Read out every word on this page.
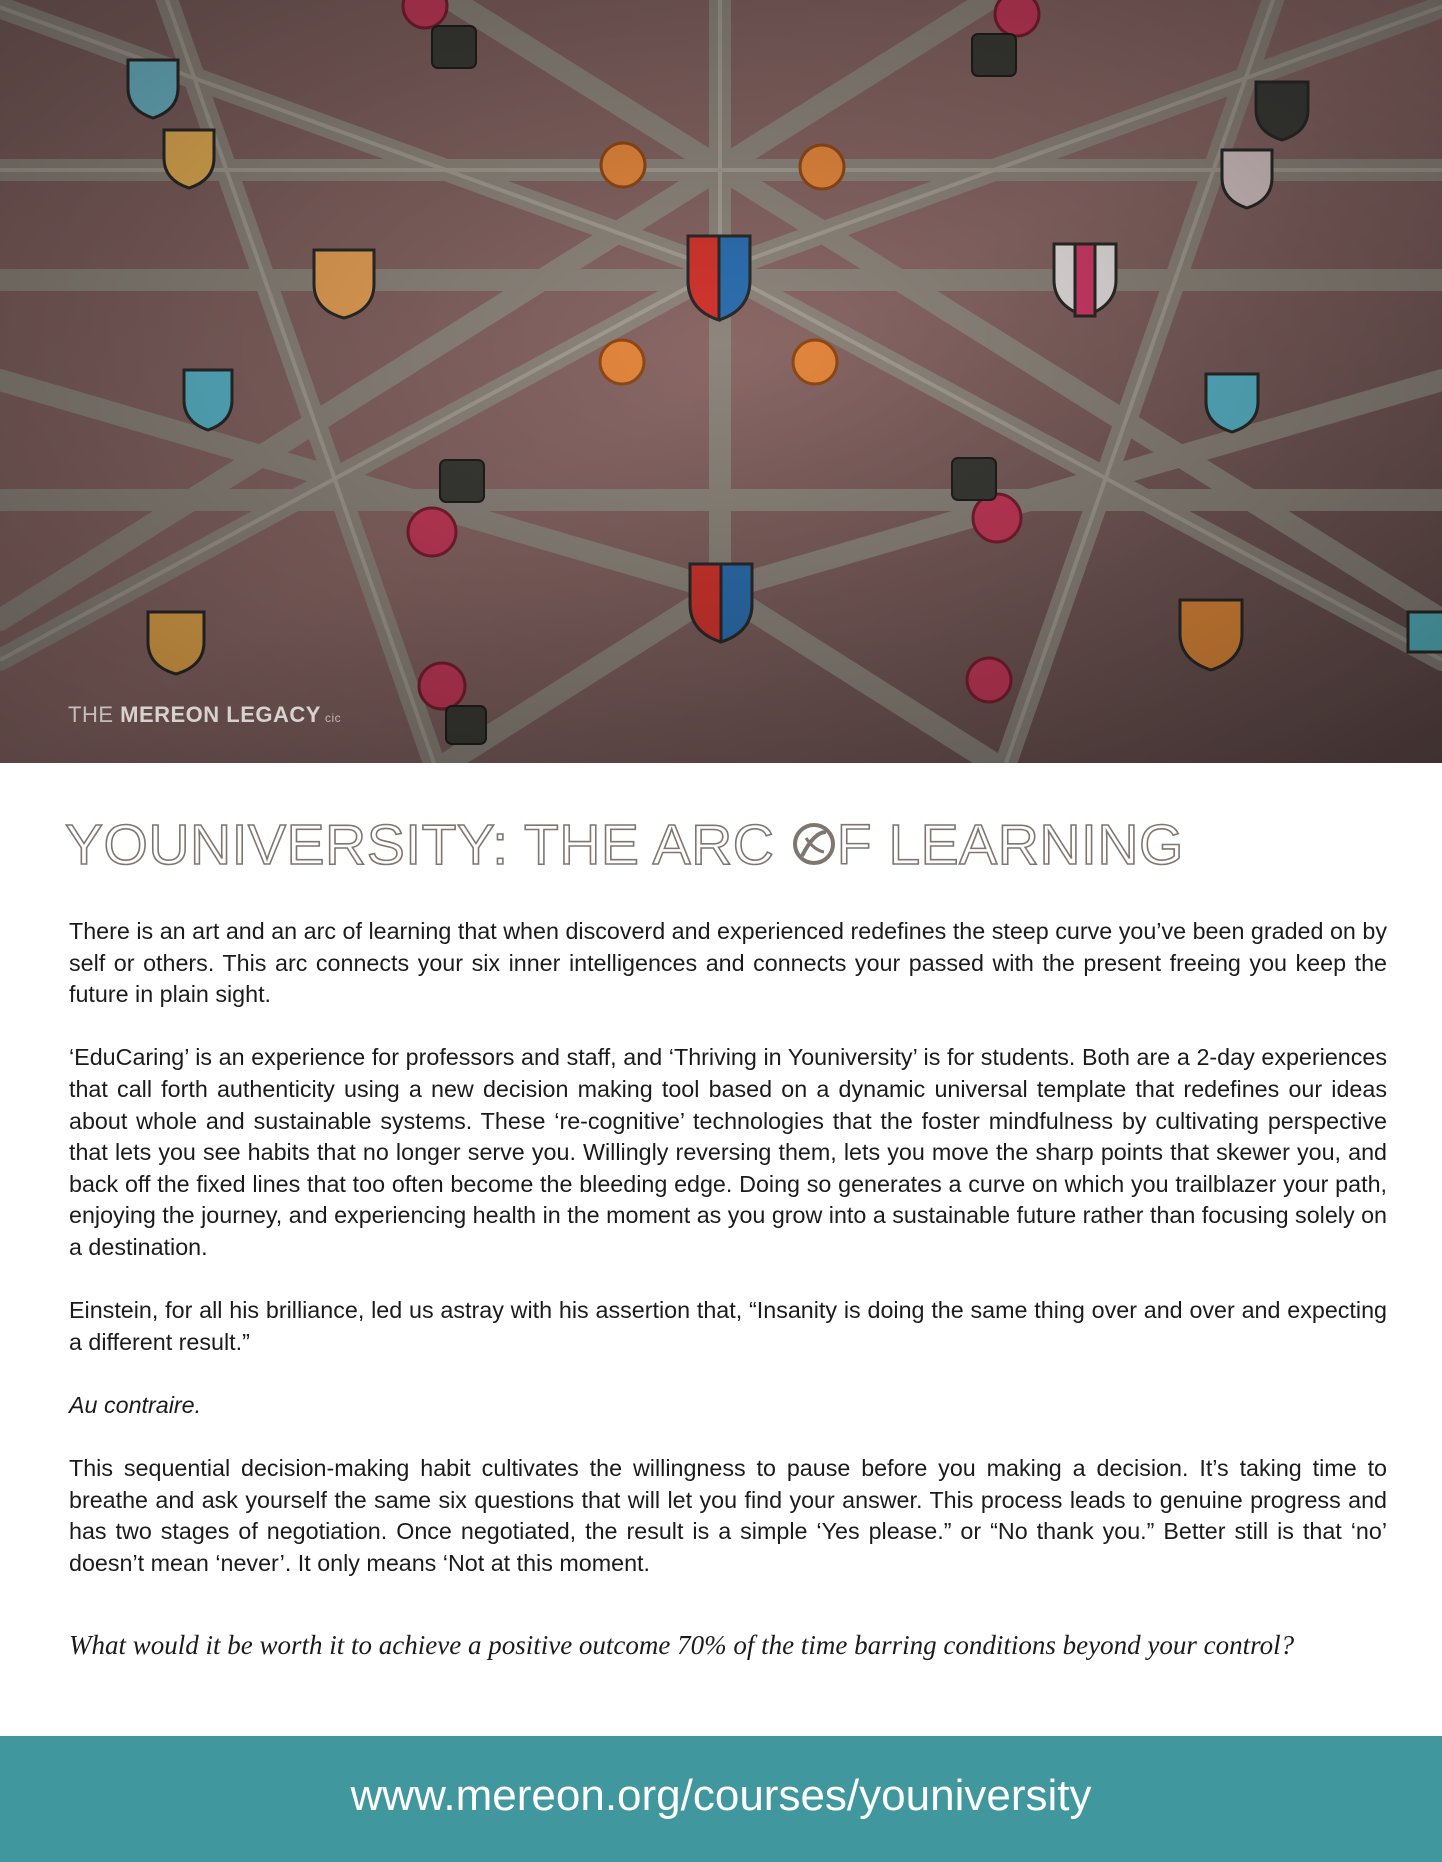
THE MEREON LEGACY cic
YOUNIVERSITY: THE ARC F LEARNING

There is an art and an arc of learning that when discoverd and experienced redefines the steep curve you’ve been graded on by self or others. This arc connects your six inner intelligences and connects your passed with the present freeing you keep the future in plain sight.

‘EduCaring’ is an experience for professors and staff, and ‘Thriving in Youniversity’ is for students. Both are a 2-day experiences that call forth authenticity using a new decision making tool based on a dynamic universal template that redefines our ideas about whole and sustainable systems. These ‘re-cognitive’ technologies that the foster mindfulness by cultivating perspective that lets you see habits that no longer serve you. Willingly reversing them, lets you move the sharp points that skewer you, and back off the fixed lines that too often become the bleeding edge. Doing so generates a curve on which you trailblazer your path, enjoying the journey, and experiencing health in the moment as you grow into a sustainable future rather than focusing solely on a destination.

Einstein, for all his brilliance, led us astray with his assertion that, “Insanity is doing the same thing over and over and expecting a different result.”

Au contraire.

This sequential decision-making habit cultivates the willingness to pause before you making a decision. It’s taking time to breathe and ask yourself the same six questions that will let you find your answer. This process leads to genuine progress and has two stages of negotiation. Once negotiated, the result is a simple ‘Yes please.” or “No thank you.” Better still is that ‘no’ doesn’t mean ‘never’. It only means ‘Not at this moment.

What would it be worth it to achieve a positive outcome 70% of the time barring conditions beyond your control?
www.mereon.org/courses/youniversity
